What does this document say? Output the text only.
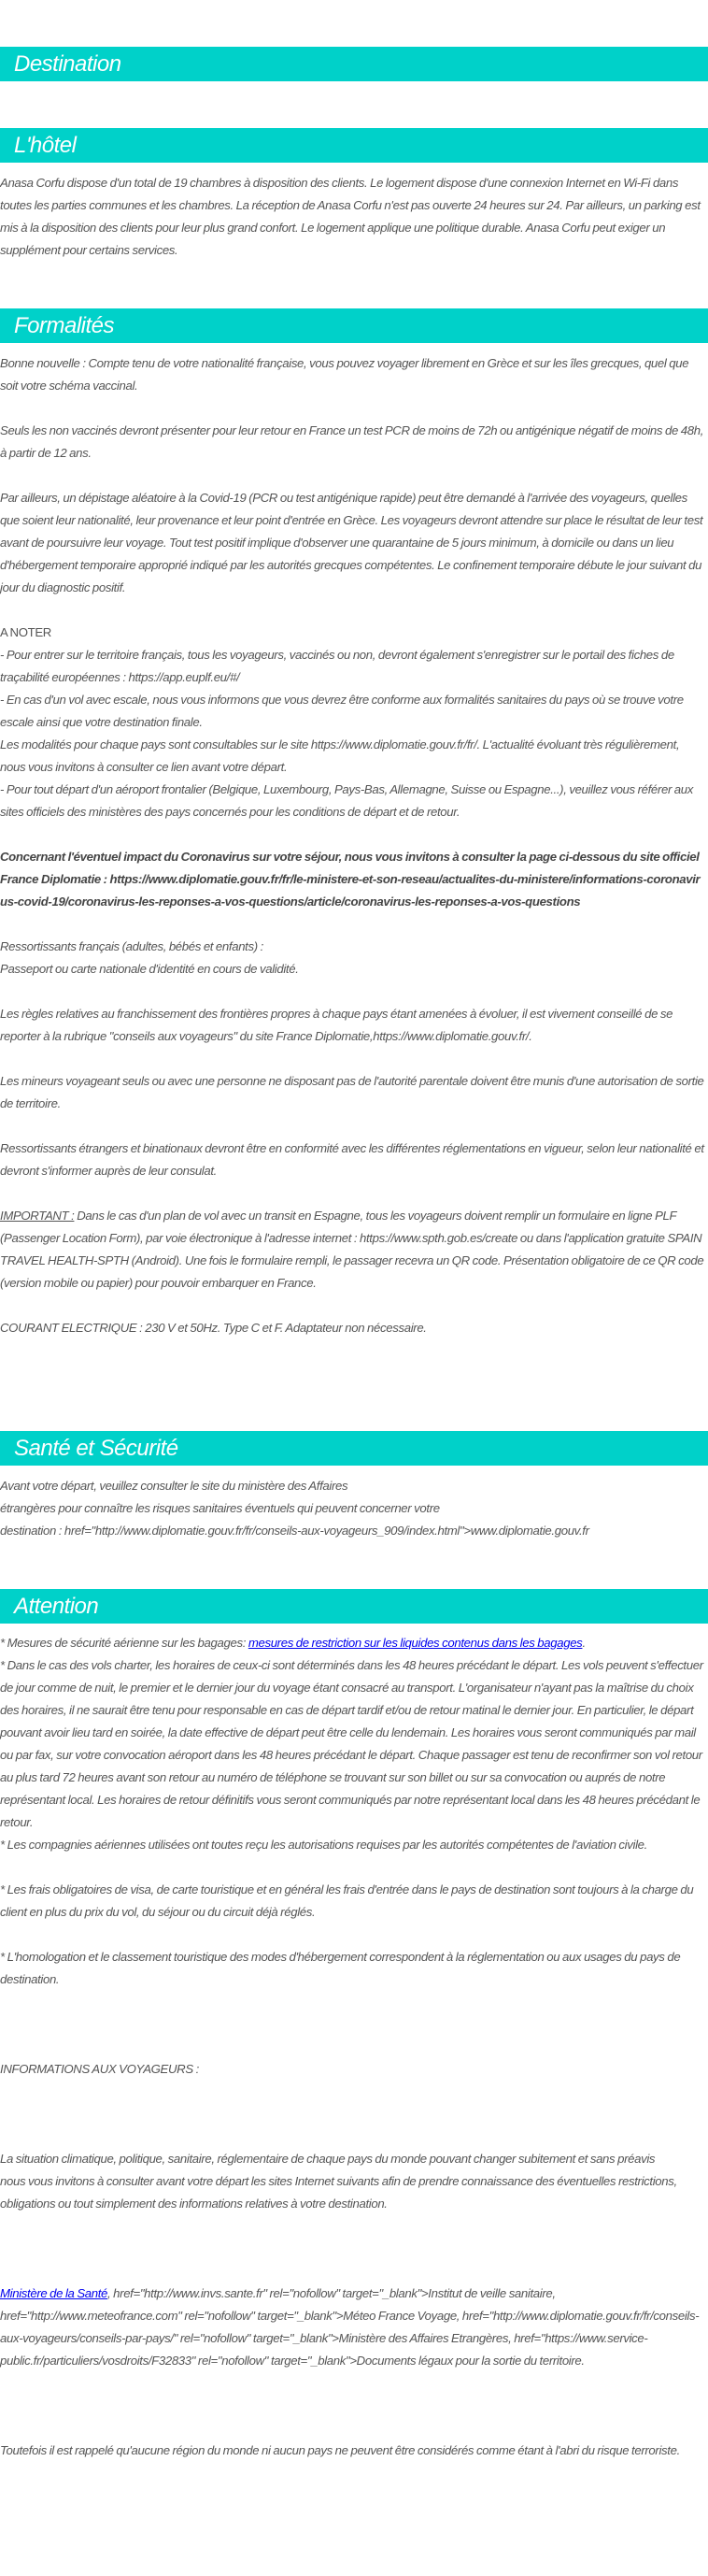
Destination
L'hôtel

Anasa Corfu dispose d'un total de 19 chambres à disposition des clients. Le logement dispose d'une connexion Internet en Wi-Fi dans toutes les parties communes et les chambres. La réception de Anasa Corfu n'est pas ouverte 24 heures sur 24. Par ailleurs, un parking est mis à la disposition des clients pour leur plus grand confort. Le logement applique une politique durable. Anasa Corfu peut exiger un supplément pour certains services.

Formalités

Bonne nouvelle : Compte tenu de votre nationalité française, vous pouvez voyager librement en Grèce et sur les îles grecques, quel que soit votre schéma vaccinal.

Seuls les non vaccinés devront présenter pour leur retour en France un test PCR de moins de 72h ou antigénique négatif de moins de 48h, à partir de 12 ans.

Par ailleurs, un dépistage aléatoire à la Covid-19 (PCR ou test antigénique rapide) peut être demandé à l'arrivée des voyageurs, quelles que soient leur nationalité, leur provenance et leur point d'entrée en Grèce. Les voyageurs devront attendre sur place le résultat de leur test avant de poursuivre leur voyage. Tout test positif implique d'observer une quarantaine de 5 jours minimum, à domicile ou dans un lieu d'hébergement temporaire approprié indiqué par les autorités grecques compétentes. Le confinement temporaire débute le jour suivant du jour du diagnostic positif.

A NOTER

- Pour entrer sur le territoire français, tous les voyageurs, vaccinés ou non, devront également s'enregistrer sur le portail des fiches de traçabilité européennes : https://app.euplf.eu/#/

- En cas d'un vol avec escale, nous vous informons que vous devrez être conforme aux formalités sanitaires du pays où se trouve votre escale ainsi que votre destination finale.

Les modalités pour chaque pays sont consultables sur le site https://www.diplomatie.gouv.fr/fr/. L'actualité évoluant très régulièrement, nous vous invitons à consulter ce lien avant votre départ.

- Pour tout départ d'un aéroport frontalier (Belgique, Luxembourg, Pays-Bas, Allemagne, Suisse ou Espagne...), veuillez vous référer aux sites officiels des ministères des pays concernés pour les conditions de départ et de retour.

Concernant l'éventuel impact du Coronavirus sur votre séjour, nous vous invitons à consulter la page ci-dessous du site officiel France Diplomatie : https://www.diplomatie.gouv.fr/fr/le-ministere-et-son-reseau/actualites-du-ministere/informations-coronavirus-covid-19/coronavirus-les-reponses-a-vos-questions/article/coronavirus-les-reponses-a-vos-questions

Ressortissants français (adultes, bébés et enfants) :

Passeport ou carte nationale d'identité en cours de validité.

Les règles relatives au franchissement des frontières propres à chaque pays étant amenées à évoluer, il est vivement conseillé de se reporter à la rubrique "conseils aux voyageurs" du site France Diplomatie,https://www.diplomatie.gouv.fr/.

Les mineurs voyageant seuls ou avec une personne ne disposant pas de l'autorité parentale doivent être munis d'une autorisation de sortie de territoire.

Ressortissants étrangers et binationaux devront être en conformité avec les différentes réglementations en vigueur, selon leur nationalité et devront s'informer auprès de leur consulat.

IMPORTANT : Dans le cas d'un plan de vol avec un transit en Espagne, tous les voyageurs doivent remplir un formulaire en ligne PLF (Passenger Location Form), par voie électronique à l'adresse internet : https://www.spth.gob.es/create ou dans l'application gratuite SPAIN TRAVEL HEALTH-SPTH (Android). Une fois le formulaire rempli, le passager recevra un QR code. Présentation obligatoire de ce QR code (version mobile ou papier) pour pouvoir embarquer en France.

COURANT ELECTRIQUE : 230 V et 50Hz. Type C et F. Adaptateur non nécessaire.

Santé et Sécurité

Avant votre départ, veuillez consulter le site du ministère des Affaires

étrangères pour connaître les risques sanitaires éventuels qui peuvent concerner votre

destination : href="http://www.diplomatie.gouv.fr/fr/conseils-aux-voyageurs_909/index.html">www.diplomatie.gouv.fr

Attention

* Mesures de sécurité aérienne sur les bagages: mesures de restriction sur les liquides contenus dans les bagages.

* Dans le cas des vols charter, les horaires de ceux-ci sont déterminés dans les 48 heures précédant le départ. Les vols peuvent s'effectuer de jour comme de nuit, le premier et le dernier jour du voyage étant consacré au transport. L'organisateur n'ayant pas la maîtrise du choix des horaires, il ne saurait être tenu pour responsable en cas de départ tardif et/ou de retour matinal le dernier jour. En particulier, le départ pouvant avoir lieu tard en soirée, la date effective de départ peut être celle du lendemain. Les horaires vous seront communiqués par mail ou par fax, sur votre convocation aéroport dans les 48 heures précédant le départ. Chaque passager est tenu de reconfirmer son vol retour au plus tard 72 heures avant son retour au numéro de téléphone se trouvant sur son billet ou sur sa convocation ou auprés de notre représentant local. Les horaires de retour définitifs vous seront communiqués par notre représentant local dans les 48 heures précédant le retour.

* Les compagnies aériennes utilisées ont toutes reçu les autorisations requises par les autorités compétentes de l'aviation civile.

* Les frais obligatoires de visa, de carte touristique et en général les frais d'entrée dans le pays de destination sont toujours à la charge du client en plus du prix du vol, du séjour ou du circuit déjà réglés.

* L'homologation et le classement touristique des modes d'hébergement correspondent à la réglementation ou aux usages du pays de destination.

INFORMATIONS AUX VOYAGEURS :

La situation climatique, politique, sanitaire, réglementaire de chaque pays du monde pouvant changer subitement et sans préavis

nous vous invitons à consulter avant votre départ les sites Internet suivants afin de prendre connaissance des éventuelles restrictions, obligations ou tout simplement des informations relatives à votre destination.

Ministère de la Santé, href="http://www.invs.sante.fr" rel="nofollow" target="_blank">Institut de veille sanitaire, href="http://www.meteofrance.com" rel="nofollow" target="_blank">Méteo France Voyage, href="http://www.diplomatie.gouv.fr/fr/conseils-aux-voyageurs/conseils-par-pays/" rel="nofollow" target="_blank">Ministère des Affaires Etrangères, href="https://www.service-public.fr/particuliers/vosdroits/F32833" rel="nofollow" target="_blank">Documents légaux pour la sortie du territoire.

Toutefois il est rappelé qu'aucune région du monde ni aucun pays ne peuvent être considérés comme étant à l'abri du risque terroriste.
